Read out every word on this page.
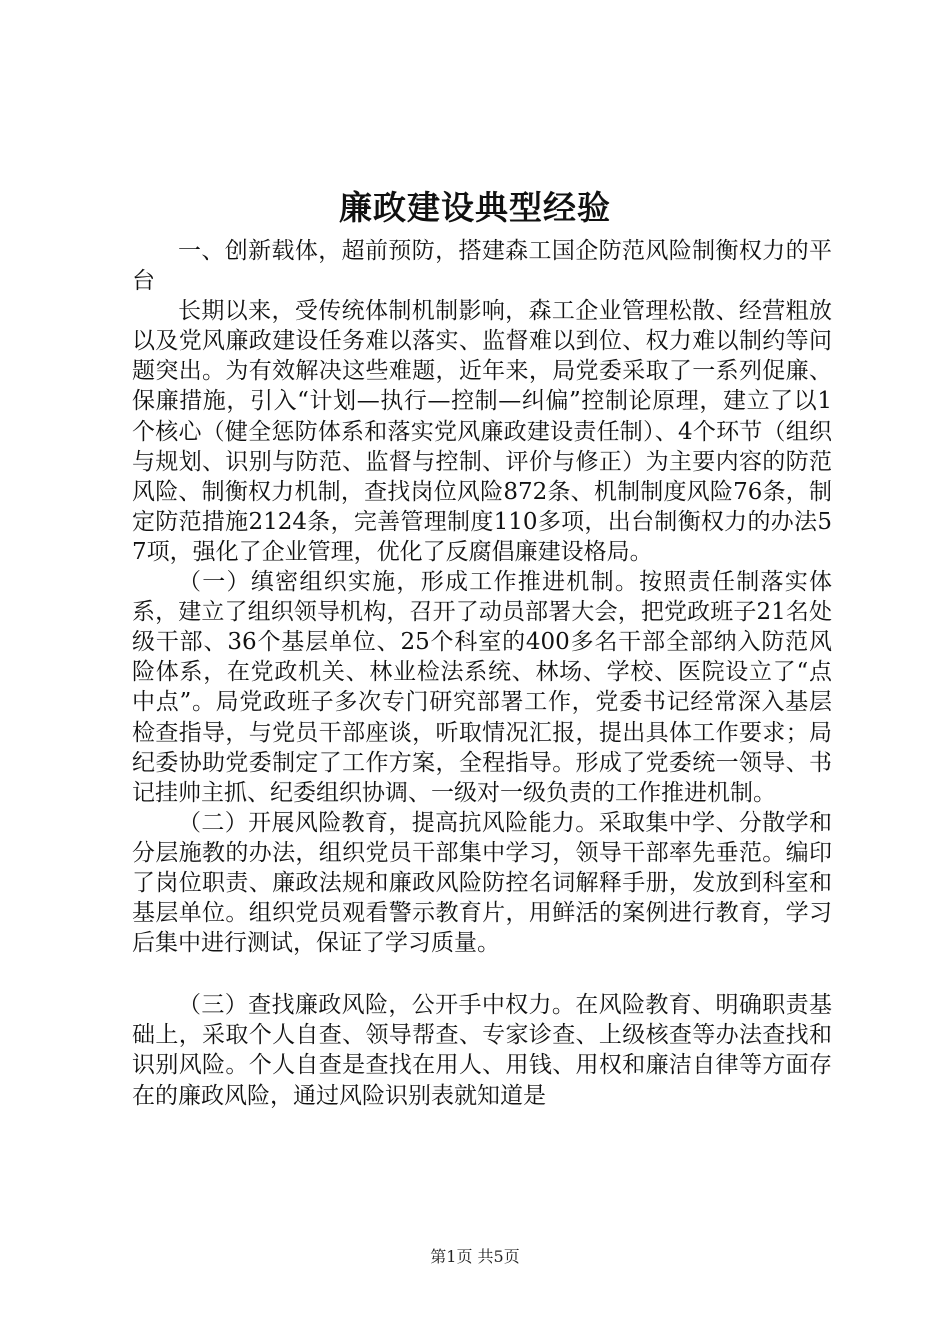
廉政建设典型经验

一、创新载体，超前预防，搭建森工国企防范风险制衡权力的平台

长期以来，受传统体制机制影响，森工企业管理松散、经营粗放以及党风廉政建设任务难以落实、监督难以到位、权力难以制约等问题突出。为有效解决这些难题，近年来，局党委采取了一系列促廉、保廉措施，引入“计划—执行—控制—纠偏”控制论原理，建立了以1个核心（健全惩防体系和落实党风廉政建设责任制）、4个环节（组织与规划、识别与防范、监督与控制、评价与修正）为主要内容的防范风险、制衡权力机制，查找岗位风险872条、机制制度风险76条，制定防范措施2124条，完善管理制度110多项，出台制衡权力的办法57项，强化了企业管理，优化了反腐倡廉建设格局。

（一）缜密组织实施，形成工作推进机制。按照责任制落实体系，建立了组织领导机构，召开了动员部署大会，把党政班子21名处级干部、36个基层单位、25个科室的400多名干部全部纳入防范风险体系，在党政机关、林业检法系统、林场、学校、医院设立了“点中点”。局党政班子多次专门研究部署工作，党委书记经常深入基层检查指导，与党员干部座谈，听取情况汇报，提出具体工作要求；局纪委协助党委制定了工作方案，全程指导。形成了党委统一领导、书记挂帅主抓、纪委组织协调、一级对一级负责的工作推进机制。

（二）开展风险教育，提高抗风险能力。采取集中学、分散学和分层施教的办法，组织党员干部集中学习，领导干部率先垂范。编印了岗位职责、廉政法规和廉政风险防控名词解释手册，发放到科室和基层单位。组织党员观看警示教育片，用鲜活的案例进行教育，学习后集中进行测试，保证了学习质量。

（三）查找廉政风险，公开手中权力。在风险教育、明确职责基础上，采取个人自查、领导帮查、专家诊查、上级核查等办法查找和识别风险。个人自查是查找在用人、用钱、用权和廉洁自律等方面存在的廉政风险，通过风险识别表就知道是

第1页 共5页
